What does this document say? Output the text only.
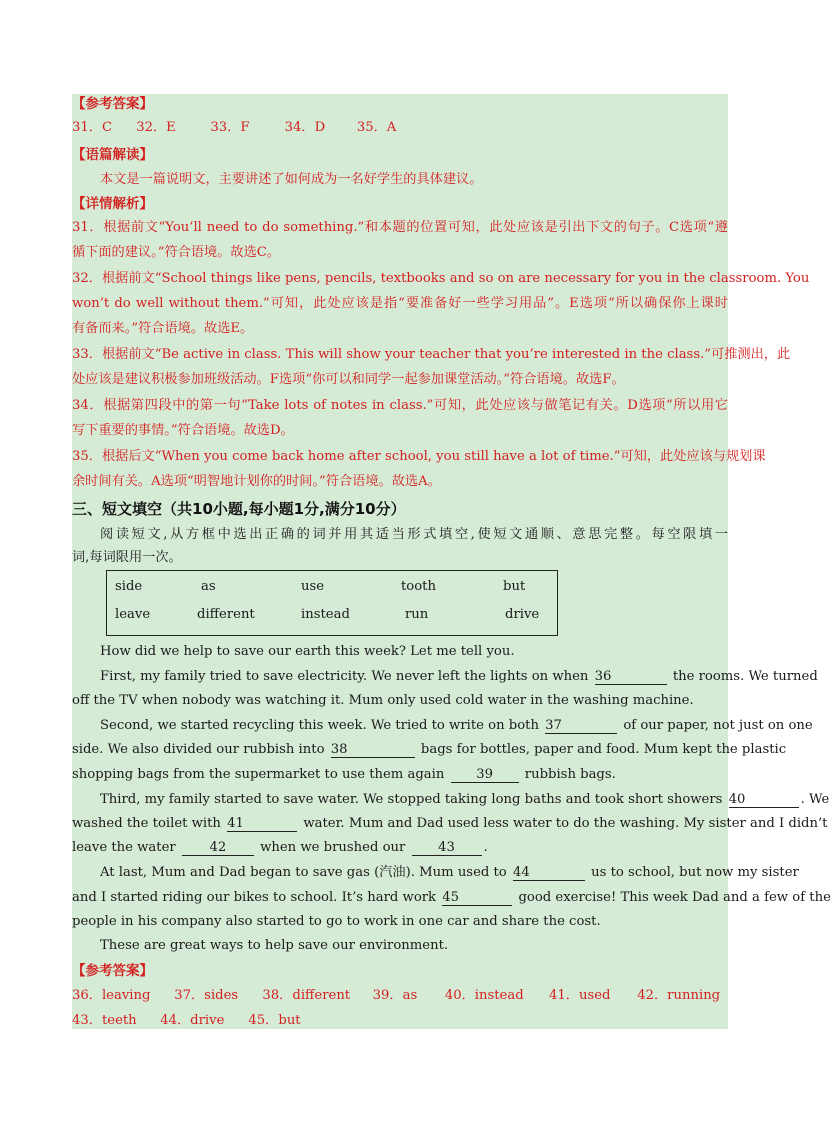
【参考答案】
31．C 32．E	33．F	34．D 35．A
【语篇解读】
本文是一篇说明文，主要讲述了如何成为一名好学生的具体建议。
【详情解析】
31．根据前文“You’ll need to do something.”和本题的位置可知，此处应该是引出下文的句子。C选项“遵
循下面的建议。”符合语境。故选C。
32．根据前文“School things like pens, pencils, textbooks and so on are necessary for you in the classroom. You
won’t do well without them.”可知，此处应该是指“要准备好一些学习用品”。E选项“所以确保你上课时
有备而来。”符合语境。故选E。
33．根据前文“Be active in class. This will show your teacher that you’re interested in the class.”可推测出，此
处应该是建议积极参加班级活动。F选项“你可以和同学一起参加课堂活动。”符合语境。故选F。
34．根据第四段中的第一句“Take lots of notes in class.”可知，此处应该与做笔记有关。D选项“所以用它
写下重要的事情。”符合语境。故选D。
35．根据后文“When you come back home after school, you still have a lot of time.”可知，此处应该与规划课
余时间有关。A选项“明智地计划你的时间。”符合语境。故选A。
三、短文填空（共10小题,每小题1分,满分10分）
阅读短文,从方框中选出正确的词并用其适当形式填空,使短文通顺、意思完整。每空限填一
词,每词限用一次。
side	as	use	tooth	but
leave	different	instead	run	drive
How did we help to save our earth this week? Let me tell you.
First, my family tried to save electricity. We never left the lights on when 36	the rooms. We turned
off the TV when nobody was watching it. Mum only used cold water in the washing machine.
Second, we started recycling this week. We tried to write on both 37	of our paper, not just on one
side. We also divided our rubbish into 38	bags for bottles, paper and food. Mum kept the plastic
shopping bags from the supermarket to use them again 39 rubbish bags.
Third, my family started to save water. We stopped taking long baths and took short showers 40	. We
washed the toilet with 41	water. Mum and Dad used less water to do the washing. My sister and I didn’t
leave the water	42	when we brushed our 43 .
At last, Mum and Dad began to save gas (汽油). Mum used to 44	us to school, but now my sister
and I started riding our bikes to school. It’s hard work 45	good exercise! This week Dad and a few of the
people in his company also started to go to work in one car and share the cost.
These are great ways to help save our environment.
【参考答案】
36．leaving 37．sides 38．different 39．as 40．instead 41．used 42．running
43．teeth 44．drive 45．but
